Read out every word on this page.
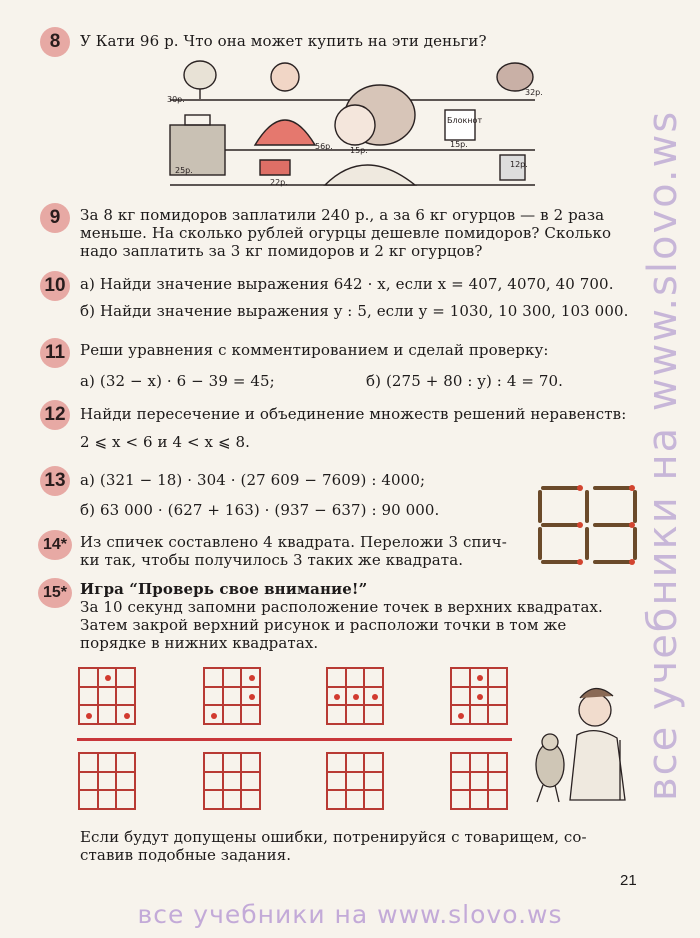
8	У Кати 96 р. Что она может купить на эти деньги?
30р.
56р.
32р.
22р.
25р.
15р.
Блокнот
12р.
15р.
9	За 8 кг помидоров заплатили 240 р., а за 6 кг огурцов — в 2 раза
меньше. На сколько рублей огурцы дешевле помидоров? Сколько
надо заплатить за 3 кг помидоров и 2 кг огурцов?
10 а) Найди значение выражения 642 · x, если x = 407, 4070, 40 700.
б) Найди значение выражения y : 5, если y = 1030, 10 300, 103 000.
11 Реши уравнения с комментированием и сделай проверку:
а) (32 − x) · 6 − 39 = 45;	б) (275 + 80 : y) : 4 = 70.
12 Найди пересечение и объединение множеств решений неравенств:
2 ⩽ x < 6 и 4 < x ⩽ 8.
13 а) (321 − 18) · 304 · (27 609 − 7609) : 4000;
б) 63 000 · (627 + 163) · (937 − 637) : 90 000.
14* Из спичек составлено 4 квадрата. Переложи 3 спич-
ки так, чтобы получилось 3 таких же квадрата.
15* Игра “Проверь свое внимание!”
За 10 секунд запомни расположение точек в верхних квадратах.
Затем закрой верхний рисунок и расположи точки в том же
порядке в нижних квадратах.
Если будут допущены ошибки, потренируйся с товарищем, со-
ставив подобные задания.
21
все учебники на www.slovo.ws
все учебники на www.slovo.ws
